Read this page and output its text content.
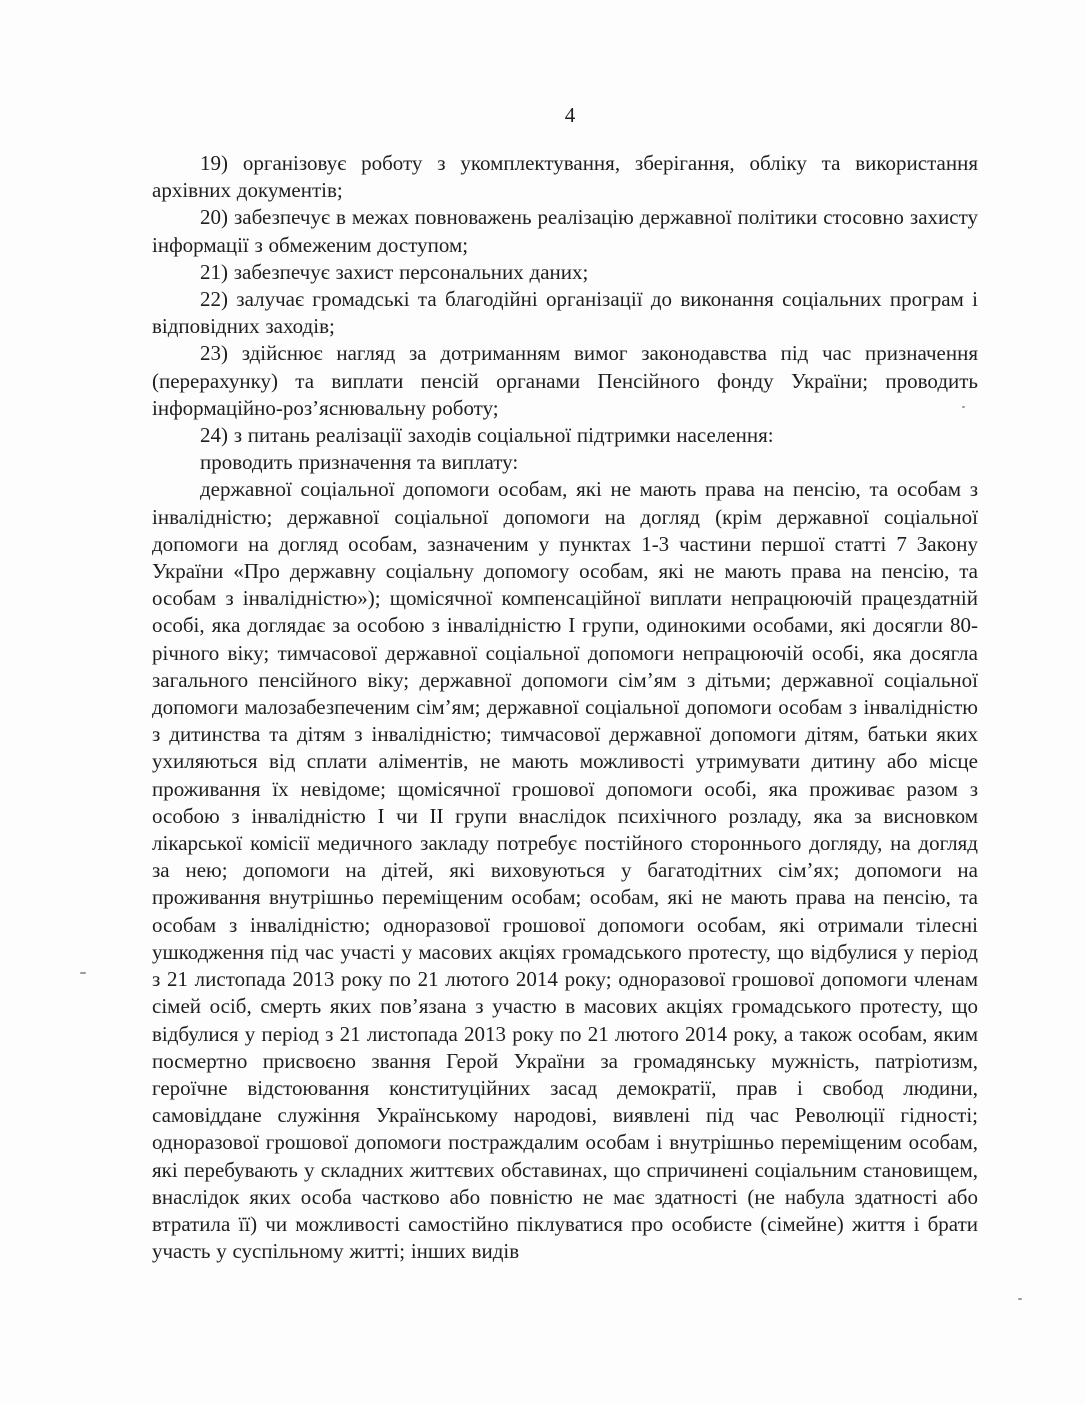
4

19) організовує роботу з укомплектування, зберігання, обліку та використання архівних документів;

20) забезпечує в межах повноважень реалізацію державної політики стосовно захисту інформації з обмеженим доступом;

21) забезпечує захист персональних даних;

22) залучає громадські та благодійні організації до виконання соціальних програм і відповідних заходів;

23) здійснює нагляд за дотриманням вимог законодавства під час призначення (перерахунку) та виплати пенсій органами Пенсійного фонду України; проводить інформаційно-роз’яснювальну роботу;

24) з питань реалізації заходів соціальної підтримки населення:

проводить призначення та виплату:

державної соціальної допомоги особам, які не мають права на пенсію, та особам з інвалідністю; державної соціальної допомоги на догляд (крім державної соціальної допомоги на догляд особам, зазначеним у пунктах 1-3 частини першої статті 7 Закону України «Про державну соціальну допомогу особам, які не мають права на пенсію, та особам з інвалідністю»); щомісячної компенсаційної виплати непрацюючій працездатній особі, яка доглядає за особою з інвалідністю I групи, одинокими особами, які досягли 80-річного віку; тимчасової державної соціальної допомоги непрацюючій особі, яка досягла загального пенсійного віку; державної допомоги сім’ям з дітьми; державної соціальної допомоги малозабезпеченим сім’ям; державної соціальної допомоги особам з інвалідністю з дитинства та дітям з інвалідністю; тимчасової державної допомоги дітям, батьки яких ухиляються від сплати аліментів, не мають можливості утримувати дитину або місце проживання їх невідоме; щомісячної грошової допомоги особі, яка проживає разом з особою з інвалідністю I чи II групи внаслідок психічного розладу, яка за висновком лікарської комісії медичного закладу потребує постійного стороннього догляду, на догляд за нею; допомоги на дітей, які виховуються у багатодітних сім’ях; допомоги на проживання внутрішньо переміщеним особам; особам, які не мають права на пенсію, та особам з інвалідністю; одноразової грошової допомоги особам, які отримали тілесні ушкодження під час участі у масових акціях громадського протесту, що відбулися у період з 21 листопада 2013 року по 21 лютого 2014 року; одноразової грошової допомоги членам сімей осіб, смерть яких пов’язана з участю в масових акціях громадського протесту, що відбулися у період з 21 листопада 2013 року по 21 лютого 2014 року, а також особам, яким посмертно присвоєно звання Герой України за громадянську мужність, патріотизм, героїчне відстоювання конституційних засад демократії, прав і свобод людини, самовіддане служіння Українському народові, виявлені під час Революції гідності; одноразової грошової допомоги постраждалим особам і внутрішньо переміщеним особам, які перебувають у складних життєвих обставинах, що спричинені соціальним становищем, внаслідок яких особа частково або повністю не має здатності (не набула здатності або втратила її) чи можливості самостійно піклуватися про особисте (сімейне) життя і брати участь у суспільному житті; інших видів
